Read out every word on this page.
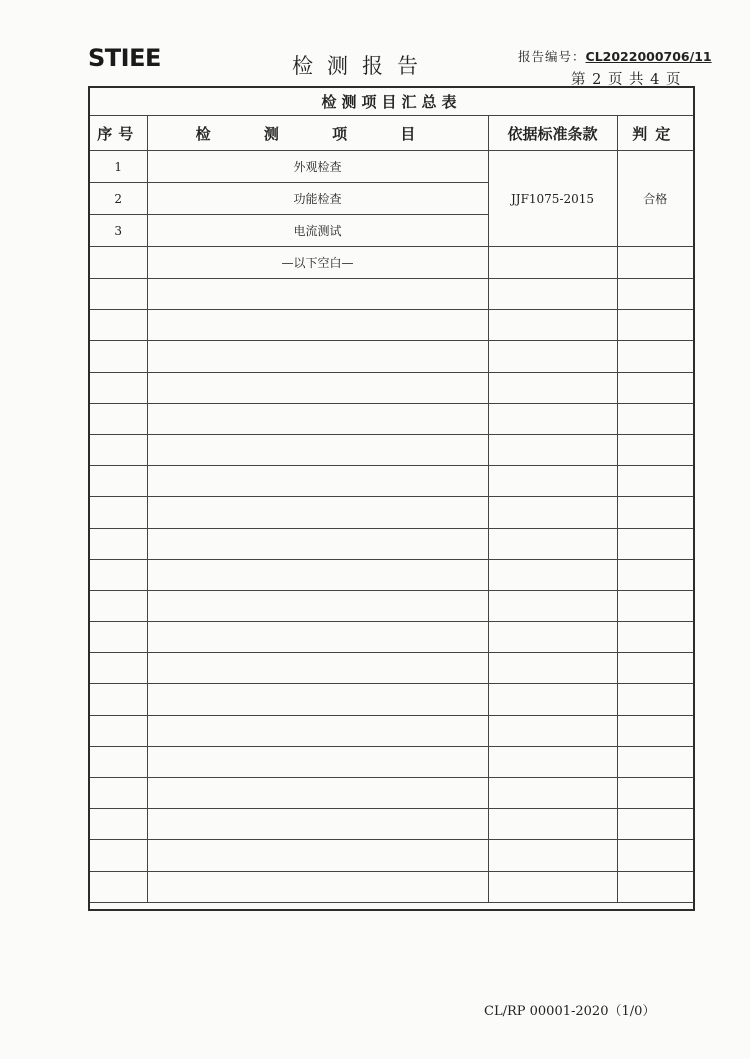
STIEE	检测报告	报告编号：CL2022000706/11
第 2 页 共 4 页
检测项目汇总表			
序号	检 测 项 目	依据标准条款	判定
1	外观检查	JJF1075-2015	合格
2	功能检查		
3	电流测试		
	—以下空白—		

CL/RP 00001-2020（1/0）
